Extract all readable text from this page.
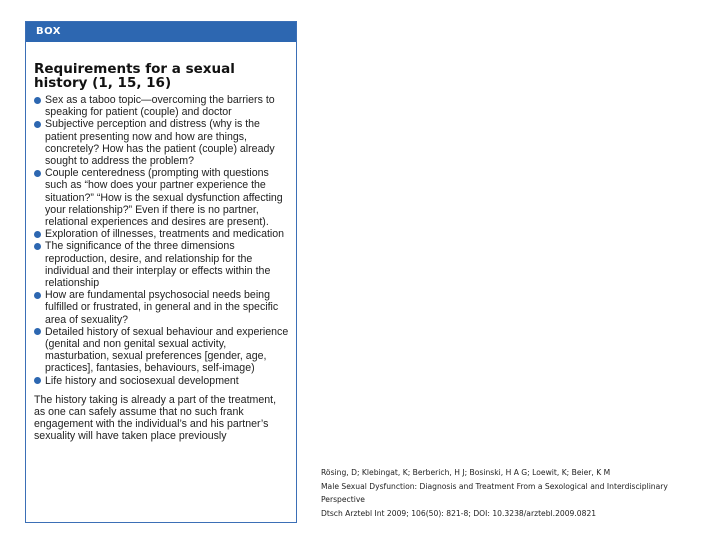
BOX
Requirements for a sexual history (1, 15, 16)
Sex as a taboo topic—overcoming the barriers to speaking for patient (couple) and doctor
Subjective perception and distress (why is the patient presenting now and how are things, concretely? How has the patient (couple) already sought to address the problem?
Couple centeredness (prompting with questions such as “how does your partner experience the situation?” “How is the sexual dysfunction affecting your relationship?” Even if there is no partner, relational experiences and desires are present).
Exploration of illnesses, treatments and medication
The significance of the three dimensions reproduction, desire, and relationship for the individual and their interplay or effects within the relationship
How are fundamental psychosocial needs being fulfilled or frustrated, in general and in the specific area of sexuality?
Detailed history of sexual behaviour and experience (genital and non genital sexual activity, masturbation, sexual preferences [gender, age, practices], fantasies, behaviours, self-image)
Life history and sociosexual development
The history taking is already a part of the treatment, as one can safely assume that no such frank engagement with the individual’s and his partner’s sexuality will have taken place previously
Rösing, D; Klebingat, K; Berberich, H J; Bosinski, H A G; Loewit, K; Beier, K M
Male Sexual Dysfunction: Diagnosis and Treatment From a Sexological and Interdisciplinary Perspective
Dtsch Arztebl Int 2009; 106(50): 821-8; DOI: 10.3238/arztebl.2009.0821
